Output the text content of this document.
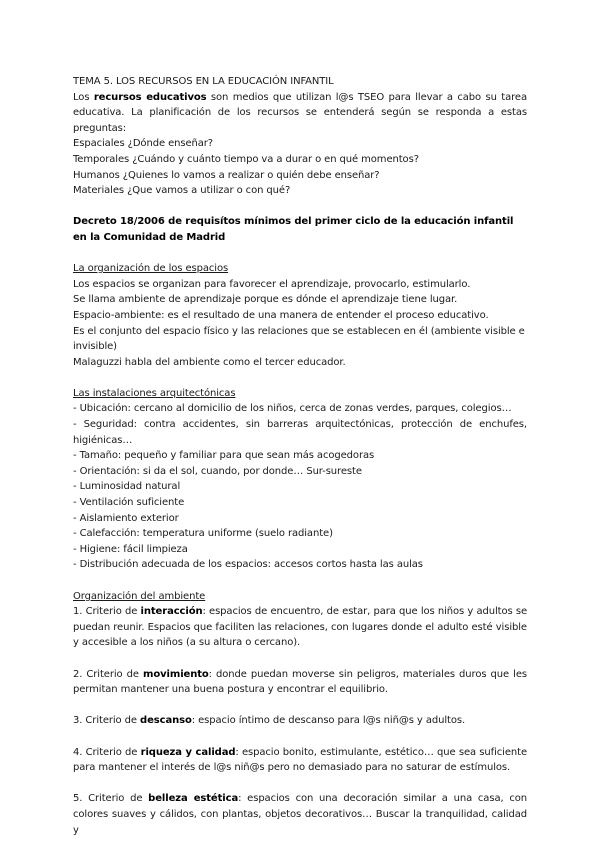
TEMA 5. LOS RECURSOS EN LA EDUCACIÓN INFANTIL

Los recursos educativos son medios que utilizan l@s TSEO para llevar a cabo su tarea educativa. La planificación de los recursos se entenderá según se responda a estas preguntas:

Espaciales ¿Dónde enseñar?

Temporales ¿Cuándo y cuánto tiempo va a durar o en qué momentos?

Humanos ¿Quienes lo vamos a realizar o quién debe enseñar?

Materiales ¿Que vamos a utilizar o con qué?

Decreto 18/2006 de requisítos mínimos del primer ciclo de la educación infantil en la Comunidad de Madrid

La organización de los espacios

Los espacios se organizan para favorecer el aprendizaje, provocarlo, estimularlo.

Se llama ambiente de aprendizaje porque es dónde el aprendizaje tiene lugar.

Espacio-ambiente: es el resultado de una manera de entender el proceso educativo.

Es el conjunto del espacio físico y las relaciones que se establecen en él (ambiente visible e invisible)

Malaguzzi habla del ambiente como el tercer educador.

Las instalaciones arquitectónicas

- Ubicación: cercano al domicilio de los niños, cerca de zonas verdes, parques, colegios…

- Seguridad: contra accidentes, sin barreras arquitectónicas, protección de enchufes, higiénicas…

- Tamaño: pequeño y familiar para que sean más acogedoras

- Orientación: si da el sol, cuando, por donde… Sur-sureste

- Luminosidad natural

- Ventilación suficiente

- Aislamiento exterior

- Calefacción: temperatura uniforme (suelo radiante)

- Higiene: fácil limpieza

- Distribución adecuada de los espacios: accesos cortos hasta las aulas

Organización del ambiente

1. Criterio de interacción: espacios de encuentro, de estar, para que los niños y adultos se puedan reunir. Espacios que faciliten las relaciones, con lugares donde el adulto esté visible y accesible a los niños (a su altura o cercano).

2. Criterio de movimiento: donde puedan moverse sin peligros, materiales duros que les permitan mantener una buena postura y encontrar el equilibrio.

3. Criterio de descanso: espacio íntimo de descanso para l@s niñ@s y adultos.

4. Criterio de riqueza y calidad: espacio bonito, estimulante, estético… que sea suficiente para mantener el interés de l@s niñ@s pero no demasiado para no saturar de estímulos.

5. Criterio de belleza estética: espacios con una decoración similar a una casa, con colores suaves y cálidos, con plantas, objetos decorativos… Buscar la tranquilidad, calidad y
